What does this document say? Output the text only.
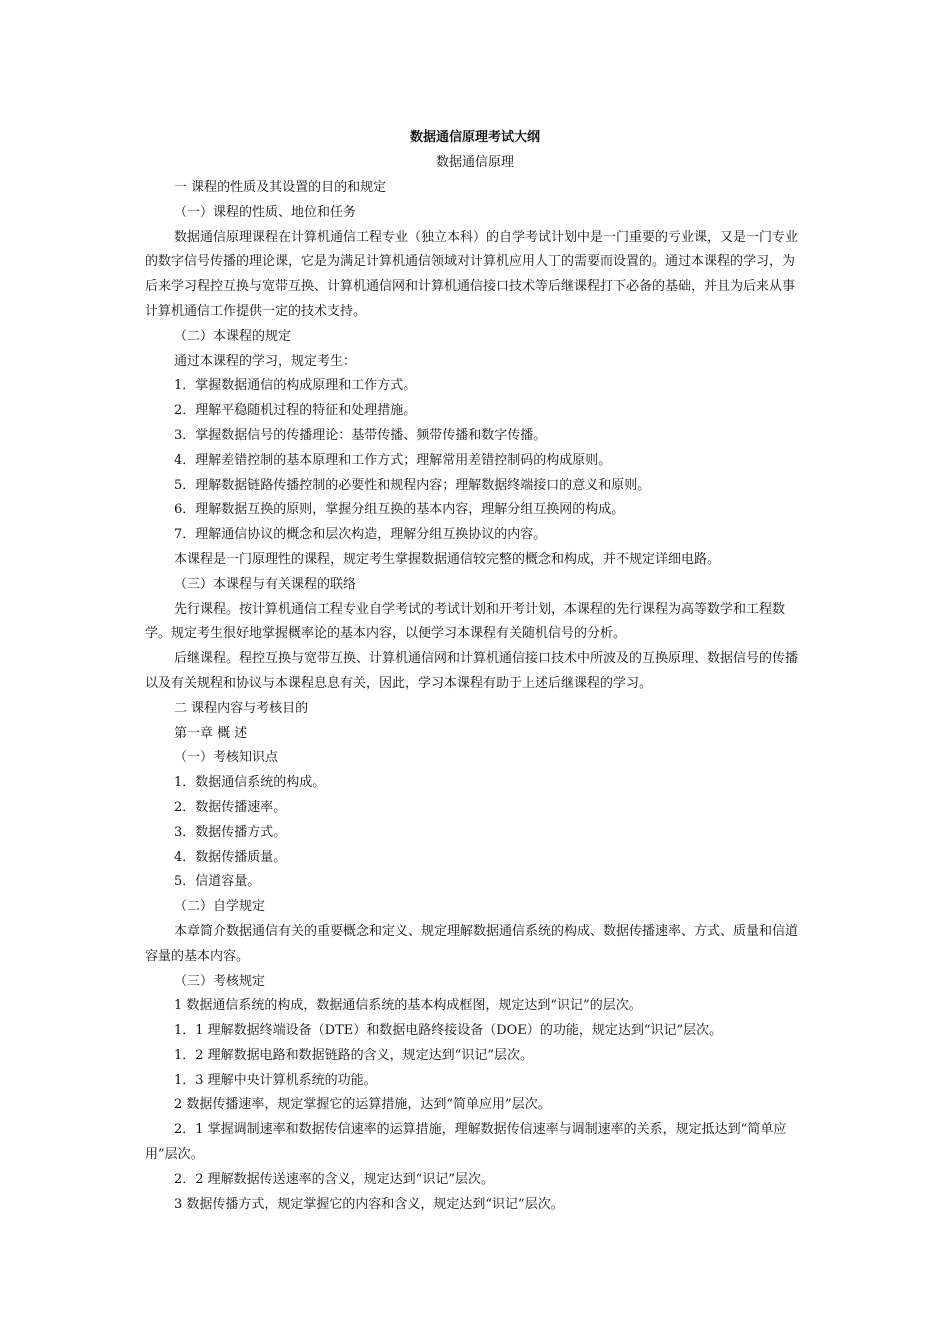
数据通信原理考试大纲

数据通信原理

一 课程的性质及其设置的目的和规定

（一）课程的性质、地位和任务

数据通信原理课程在计算机通信工程专业（独立本科）的自学考试计划中是一门重要的亏业课，又是一门专业的数字信号传播的理论课，它是为满足计算机通信领域对计算机应用人丁的需要而设置的。通过本课程的学习，为后来学习程控互换与宽带互换、计算机通信网和计算机通信接口技术等后继课程打下必备的基础，并且为后来从事计算机通信工作提供一定的技术支持。

（二）本课程的规定

通过本课程的学习，规定考生：

1．掌握数据通信的构成原理和工作方式。

2．理解平稳随机过程的特征和处理措施。

3．掌握数据信号的传播理论：基带传播、频带传播和数字传播。

4．理解差错控制的基本原理和工作方式；理解常用差错控制码的构成原则。

5．理解数据链路传播控制的必要性和规程内容；理解数据终端接口的意义和原则。

6．理解数据互换的原则，掌握分组互换的基本内容，理解分组互换网的构成。

7．理解通信协议的概念和层次构造，理解分组互换协议的内容。

本课程是一门原理性的课程，规定考生掌握数据通信较完整的概念和构成，并不规定详细电路。

（三）本课程与有关课程的联络

先行课程。按计算机通信工程专业自学考试的考试计划和开考计划，本课程的先行课程为高等数学和工程数学。规定考生很好地掌握概率论的基本内容，以便学习本课程有关随机信号的分析。

后继课程。程控互换与宽带互换、计算机通信网和计算机通信接口技术中所波及的互换原理、数据信号的传播以及有关规程和协议与本课程息息有关，因此，学习本课程有助于上述后继课程的学习。

二 课程内容与考核目的

第一章 概 述

（一）考核知识点

1．数据通信系统的构成。

2．数据传播速率。

3．数据传播方式。

4．数据传播质量。

5．信道容量。

（二）自学规定

本章简介数据通信有关的重要概念和定义、规定理解数据通信系统的构成、数据传播速率、方式、质量和信道容量的基本内容。

（三）考核规定

1 数据通信系统的构成，数据通信系统的基本构成框图，规定达到“识记”的层次。

1．1 理解数据终端设备（DTE）和数据电路终接设备（DOE）的功能，规定达到“识记”层次。

1．2 理解数据电路和数据链路的含义，规定达到“识记”层次。

1．3 理解中央计算机系统的功能。

2 数据传播速率，规定掌握它的运算措施，达到“简单应用”层次。

2．1 掌握调制速率和数据传信速率的运算措施，理解数据传信速率与调制速率的关系，规定抵达到“简单应用”层次。

2．2 理解数据传送速率的含义，规定达到“识记”层次。

3 数据传播方式，规定掌握它的内容和含义，规定达到“识记”层次。
